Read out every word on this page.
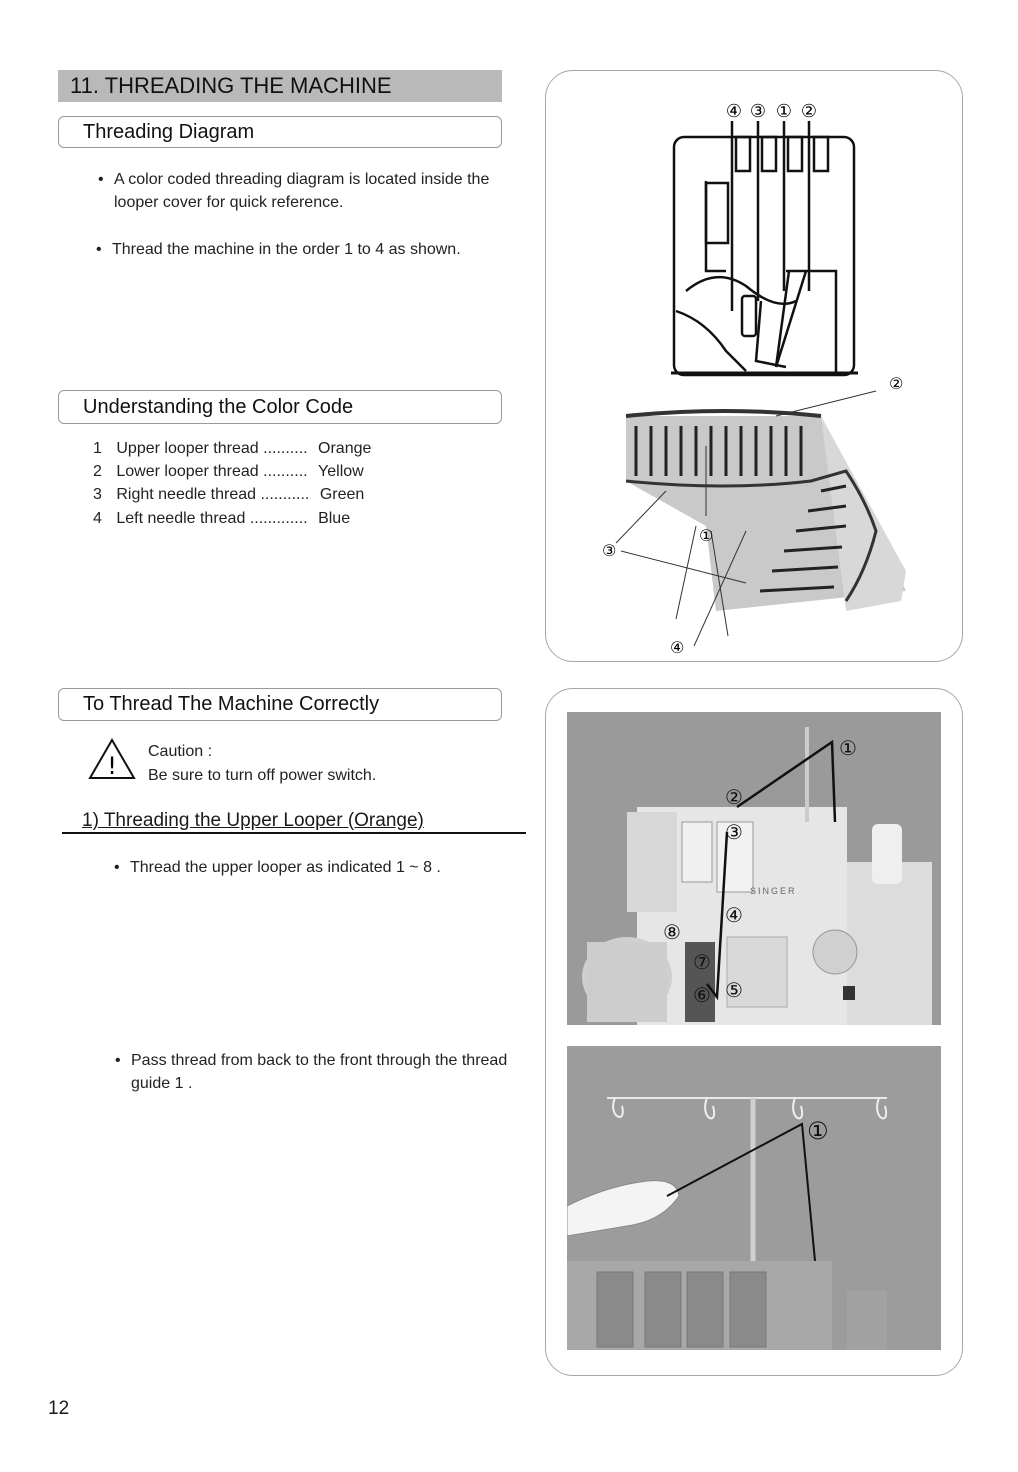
11. THREADING THE MACHINE
Threading Diagram
• A color coded threading diagram is located inside the looper cover for quick reference.
• Thread the machine in the order 1 to 4 as shown.
Understanding the Color Code
1 Upper looper thread .......... Orange
2 Lower looper thread .......... Yellow
3 Right needle thread ........... Green
4 Left needle thread ............. Blue
④ ③ ① ②
②
①
③
④
To Thread The Machine Correctly
!
Caution :
Be sure to turn off power switch.
1) Threading the Upper Looper (Orange)
• Thread the upper looper as indicated 1 ~ 8 .
• Pass thread from back to the front through the thread guide 1 .
SINGER
①
②
③
④
⑤
⑥
⑦
⑧
①
12
